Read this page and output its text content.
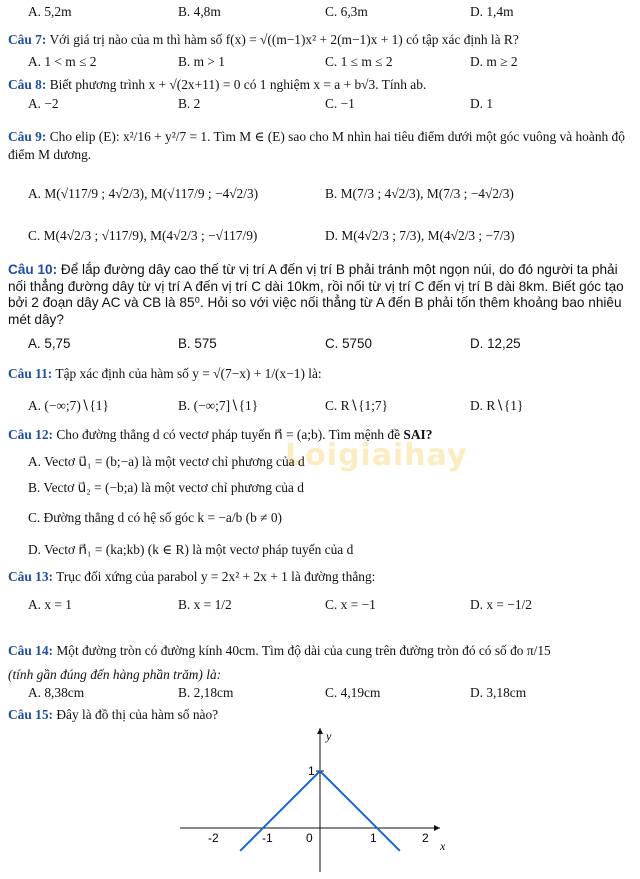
A. 5,2m	B. 4,8m	C. 6,3m	D. 1,4m
Câu 7: Với giá trị nào của m thì hàm số f(x) = √((m−1)x² + 2(m−1)x + 1) có tập xác định là R?
A. 1 < m ≤ 2	B. m > 1	C. 1 ≤ m ≤ 2	D. m ≥ 2
Câu 8: Biết phương trình x + √(2x+11) = 0 có 1 nghiệm x = a + b√3. Tính ab.
A. −2	B. 2	C. −1	D. 1
Câu 9: Cho elip (E): x²/16 + y²/7 = 1. Tìm M ∈ (E) sao cho M nhìn hai tiêu điểm dưới một góc vuông và hoành độ điểm M dương.
A. M(√117/9 ; 4√2/3), M(√117/9 ; −4√2/3)	B. M(7/3 ; 4√2/3), M(7/3 ; −4√2/3)
C. M(4√2/3 ; √117/9), M(4√2/3 ; −√117/9)	D. M(4√2/3 ; 7/3), M(4√2/3 ; −7/3)
Câu 10: Để lắp đường dây cao thế từ vị trí A đến vị trí B phải tránh một ngọn núi, do đó người ta phải nối thẳng đường dây từ vị trí A đến vị trí C dài 10km, rồi nối từ vị trí C đến vị trí B dài 8km. Biết góc tạo bởi 2 đoạn dây AC và CB là 85⁰. Hỏi so với việc nối thẳng từ A đến B phải tốn thêm khoảng bao nhiêu mét dây?
A. 5,75	B. 575	C. 5750	D. 12,25
Câu 11: Tập xác định của hàm số y = √(7−x) + 1/(x−1) là:
A. (−∞;7)∖{1}	B. (−∞;7]∖{1}	C. R∖{1;7}	D. R∖{1}
Câu 12: Cho đường thẳng d có vectơ pháp tuyến n⃗ = (a;b). Tìm mệnh đề SAI?
Loigiaihay
A. Vectơ u⃗₁ = (b;−a) là một vectơ chỉ phương của d
B. Vectơ u⃗₂ = (−b;a) là một vectơ chỉ phương của d
C. Đường thẳng d có hệ số góc k = −a/b (b ≠ 0)
D. Vectơ n⃗₁ = (ka;kb) (k ∈ R) là một vectơ pháp tuyến của d
Câu 13: Trục đối xứng của parabol y = 2x² + 2x + 1 là đường thẳng:
A. x = 1	B. x = 1/2	C. x = −1	D. x = −1/2
Câu 14: Một đường tròn có đường kính 40cm. Tìm độ dài của cung trên đường tròn đó có số đo π/15
(tính gần đúng đến hàng phần trăm) là:
A. 8,38cm	B. 2,18cm	C. 4,19cm	D. 3,18cm
Câu 15: Đây là đồ thị của hàm số nào?
y
x
1
-2	-1	0	1	2
